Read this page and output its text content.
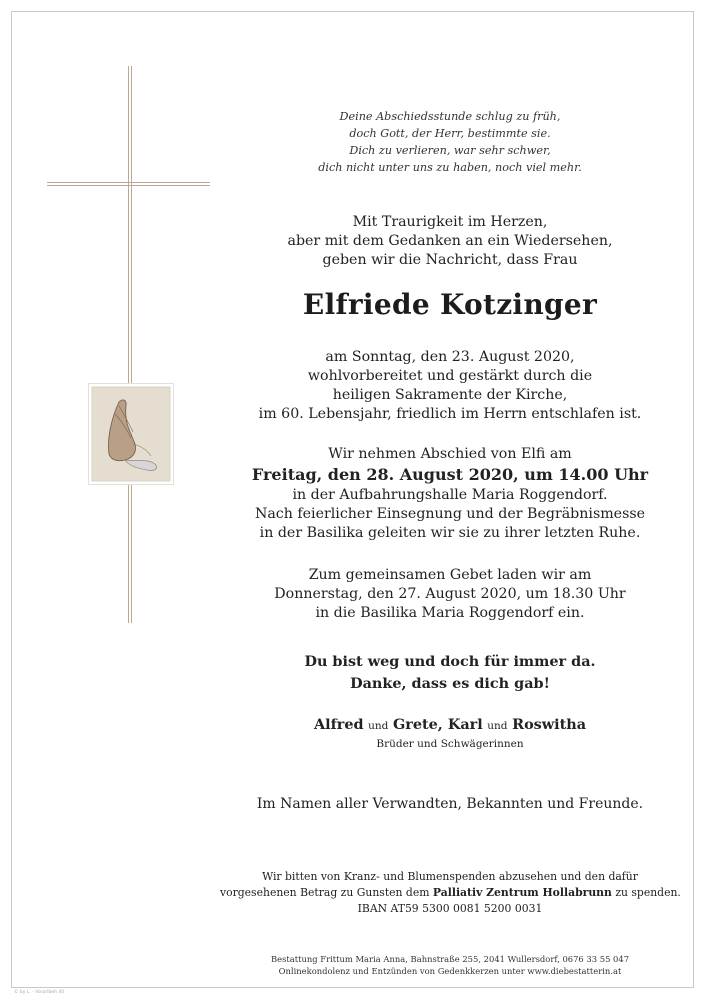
Deine Abschiedsstunde schlug zu früh,
doch Gott, der Herr, bestimmte sie.
Dich zu verlieren, war sehr schwer,
dich nicht unter uns zu haben, noch viel mehr.
Mit Traurigkeit im Herzen,
aber mit dem Gedanken an ein Wiedersehen,
geben wir die Nachricht, dass Frau
Elfriede Kotzinger
am Sonntag, den 23. August 2020,
wohlvorbereitet und gestärkt durch die
heiligen Sakramente der Kirche,
im 60. Lebensjahr, friedlich im Herrn entschlafen ist.
Wir nehmen Abschied von Elfi am
Freitag, den 28. August 2020, um 14.00 Uhr
in der Aufbahrungshalle Maria Roggendorf.
Nach feierlicher Einsegnung und der Begräbnismesse
in der Basilika geleiten wir sie zu ihrer letzten Ruhe.
Zum gemeinsamen Gebet laden wir am
Donnerstag, den 27. August 2020, um 18.30 Uhr
in die Basilika Maria Roggendorf ein.
Du bist weg und doch für immer da.
Danke, dass es dich gab!
Alfred und Grete, Karl und Roswitha
Brüder und Schwägerinnen
Im Namen aller Verwandten, Bekannten und Freunde.
Wir bitten von Kranz- und Blumenspenden abzusehen und den dafür
vorgesehenen Betrag zu Gunsten dem Palliativ Zentrum Hollabrunn zu spenden.
IBAN AT59 5300 0081 5200 0031
Bestattung Frittum Maria Anna, Bahnstraße 255, 2041 Wullersdorf, 0676 33 55 047
Onlinekondolenz und Entzünden von Gedenkkerzen unter www.diebestatterin.at
© by L. - Vorarlbeh 40
